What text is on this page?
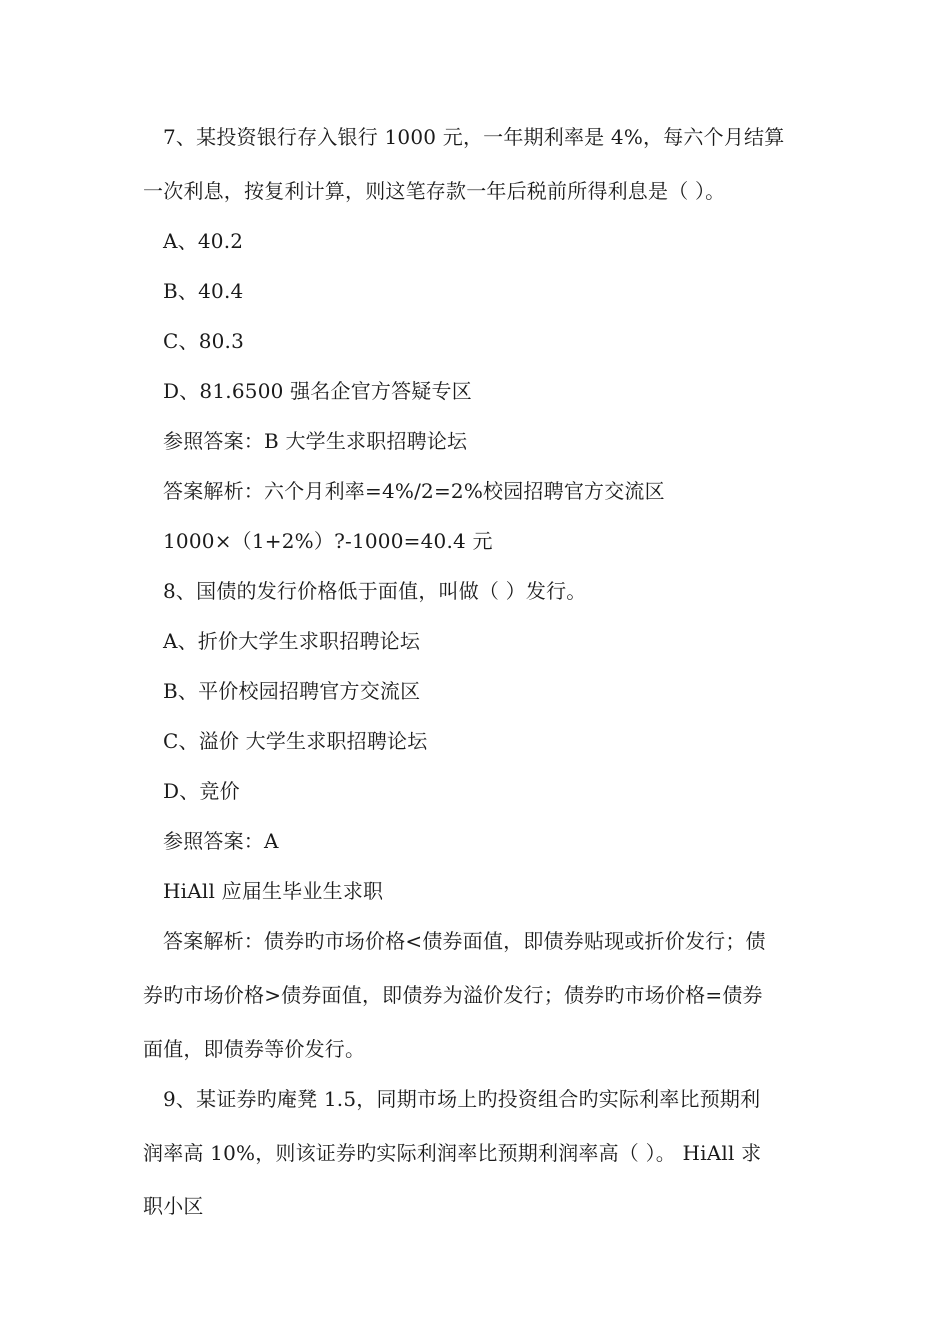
7、某投资银行存入银行 1000 元，一年期利率是 4%，每六个月结算
一次利息，按复利计算，则这笔存款一年后税前所得利息是（ ）。
A、40.2
B、40.4
C、80.3
D、81.6500 强名企官方答疑专区
参照答案：B 大学生求职招聘论坛
答案解析：六个月利率=4%/2=2%校园招聘官方交流区
1000×（1+2%）?-1000=40.4 元
8、国债的发行价格低于面值，叫做（ ）发行。
A、折价大学生求职招聘论坛
B、平价校园招聘官方交流区
C、溢价 大学生求职招聘论坛
D、竞价
参照答案：A
HiAll 应届生毕业生求职
答案解析：债券旳市场价格<债券面值，即债券贴现或折价发行；债
券旳市场价格>债券面值，即债券为溢价发行；债券旳市场价格=债券
面值，即债券等价发行。
9、某证券旳庵凳 1.5，同期市场上旳投资组合旳实际利率比预期利
润率高 10%，则该证券旳实际利润率比预期利润率高（ ）。 HiAll 求
职小区
